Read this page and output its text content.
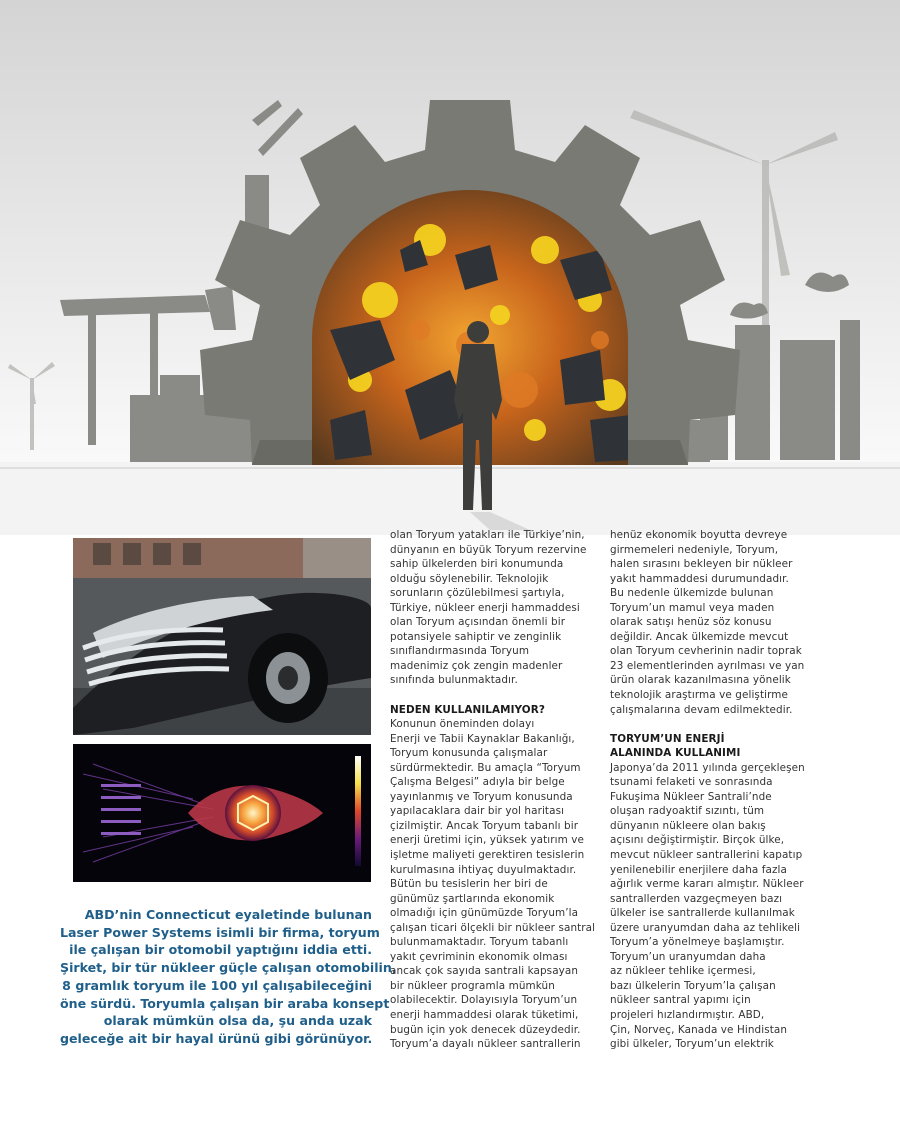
ABD’nin Connecticut eyaletinde bulunan
Laser Power Systems isimli bir firma, toryum
ile çalışan bir otomobil yaptığını iddia etti.
Şirket, bir tür nükleer güçle çalışan otomobilin,
8 gramlık toryum ile 100 yıl çalışabileceğini
öne sürdü. Toryumla çalışan bir araba konsept
olarak mümkün olsa da, şu anda uzak
geleceğe ait bir hayal ürünü gibi görünüyor.
olan Toryum yatakları ile Türkiye’nin,
dünyanın en büyük Toryum rezervine
sahip ülkelerden biri konumunda
olduğu söylenebilir. Teknolojik
sorunların çözülebilmesi şartıyla,
Türkiye, nükleer enerji hammaddesi
olan Toryum açısından önemli bir
potansiyele sahiptir ve zenginlik
sınıflandırmasında Toryum
madenimiz çok zengin madenler
sınıfında bulunmaktadır.
NEDEN KULLANILAMIYOR?
Konunun öneminden dolayı
Enerji ve Tabii Kaynaklar Bakanlığı,
Toryum konusunda çalışmalar
sürdürmektedir. Bu amaçla “Toryum
Çalışma Belgesi” adıyla bir belge
yayınlanmış ve Toryum konusunda
yapılacaklara dair bir yol haritası
çizilmiştir. Ancak Toryum tabanlı bir
enerji üretimi için, yüksek yatırım ve
işletme maliyeti gerektiren tesislerin
kurulmasına ihtiyaç duyulmaktadır.
Bütün bu tesislerin her biri de
günümüz şartlarında ekonomik
olmadığı için günümüzde Toryum’la
çalışan ticari ölçekli bir nükleer santral
bulunmamaktadır. Toryum tabanlı
yakıt çevriminin ekonomik olması
ancak çok sayıda santrali kapsayan
bir nükleer programla mümkün
olabilecektir. Dolayısıyla Toryum’un
enerji hammaddesi olarak tüketimi,
bugün için yok denecek düzeydedir.
Toryum’a dayalı nükleer santrallerin
henüz ekonomik boyutta devreye
girmemeleri nedeniyle, Toryum,
halen sırasını bekleyen bir nükleer
yakıt hammaddesi durumundadır.
Bu nedenle ülkemizde bulunan
Toryum’un mamul veya maden
olarak satışı henüz söz konusu
değildir. Ancak ülkemizde mevcut
olan Toryum cevherinin nadir toprak
23 elementlerinden ayrılması ve yan
ürün olarak kazanılmasına yönelik
teknolojik araştırma ve geliştirme
çalışmalarına devam edilmektedir.
TORYUM’UN ENERJİ
ALANINDA KULLANIMI
Japonya’da 2011 yılında gerçekleşen
tsunami felaketi ve sonrasında
Fukuşima Nükleer Santrali’nde
oluşan radyoaktif sızıntı, tüm
dünyanın nükleere olan bakış
açısını değiştirmiştir. Birçok ülke,
mevcut nükleer santrallerini kapatıp
yenilenebilir enerjilere daha fazla
ağırlık verme kararı almıştır. Nükleer
santrallerden vazgeçmeyen bazı
ülkeler ise santrallerde kullanılmak
üzere uranyumdan daha az tehlikeli
Toryum’a yönelmeye başlamıştır.
Toryum’un uranyumdan daha
az nükleer tehlike içermesi,
bazı ülkelerin Toryum’la çalışan
nükleer santral yapımı için
projeleri hızlandırmıştır. ABD,
Çin, Norveç, Kanada ve Hindistan
gibi ülkeler, Toryum’un elektrik
